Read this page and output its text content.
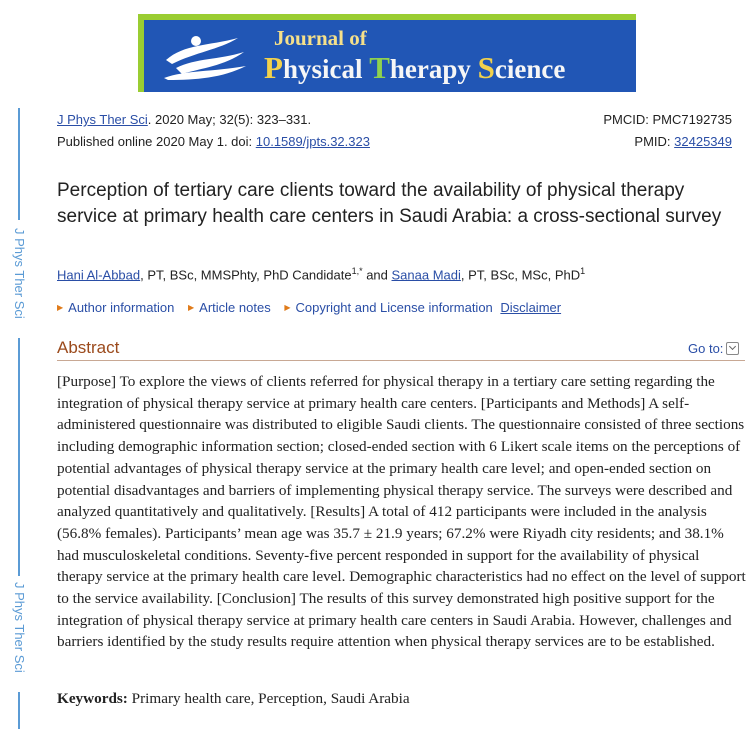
Journal of
Physical Therapy Science
J Phys Ther Sci
J Phys Ther Sci
J Phys Ther Sci. 2020 May; 32(5): 323–331.
Published online 2020 May 1. doi: 10.1589/jpts.32.323
PMCID: PMC7192735
PMID: 32425349
Perception of tertiary care clients toward the availability of physical therapy service at primary health care centers in Saudi Arabia: a cross-sectional survey
Hani Al-Abbad, PT, BSc, MMSPhty, PhD Candidate$^{1,*}$ and Sanaa Madi, PT, BSc, MSc, PhD$^1$
▶ Author information ▶ Article notes ▶ Copyright and License information Disclaimer
Abstract	Go to:
[Purpose] To explore the views of clients referred for physical therapy in a tertiary care setting regarding the integration of physical therapy service at primary health care centers. [Participants and Methods] A self-administered questionnaire was distributed to eligible Saudi clients. The questionnaire consisted of three sections including demographic information section; closed-ended section with 6 Likert scale items on the perceptions of potential advantages of physical therapy service at the primary health care level; and open-ended section on potential disadvantages and barriers of implementing physical therapy service. The surveys were described and analyzed quantitatively and qualitatively. [Results] A total of 412 participants were included in the analysis (56.8% females). Participants’ mean age was 35.7 ± 21.9 years; 67.2% were Riyadh city residents; and 38.1% had musculoskeletal conditions. Seventy-five percent responded in support for the availability of physical therapy service at the primary health care level. Demographic characteristics had no effect on the level of support to the service availability. [Conclusion] The results of this survey demonstrated high positive support for the integration of physical therapy service at primary health care centers in Saudi Arabia. However, challenges and barriers identified by the study results require attention when physical therapy services are to be established.
Keywords: Primary health care, Perception, Saudi Arabia
